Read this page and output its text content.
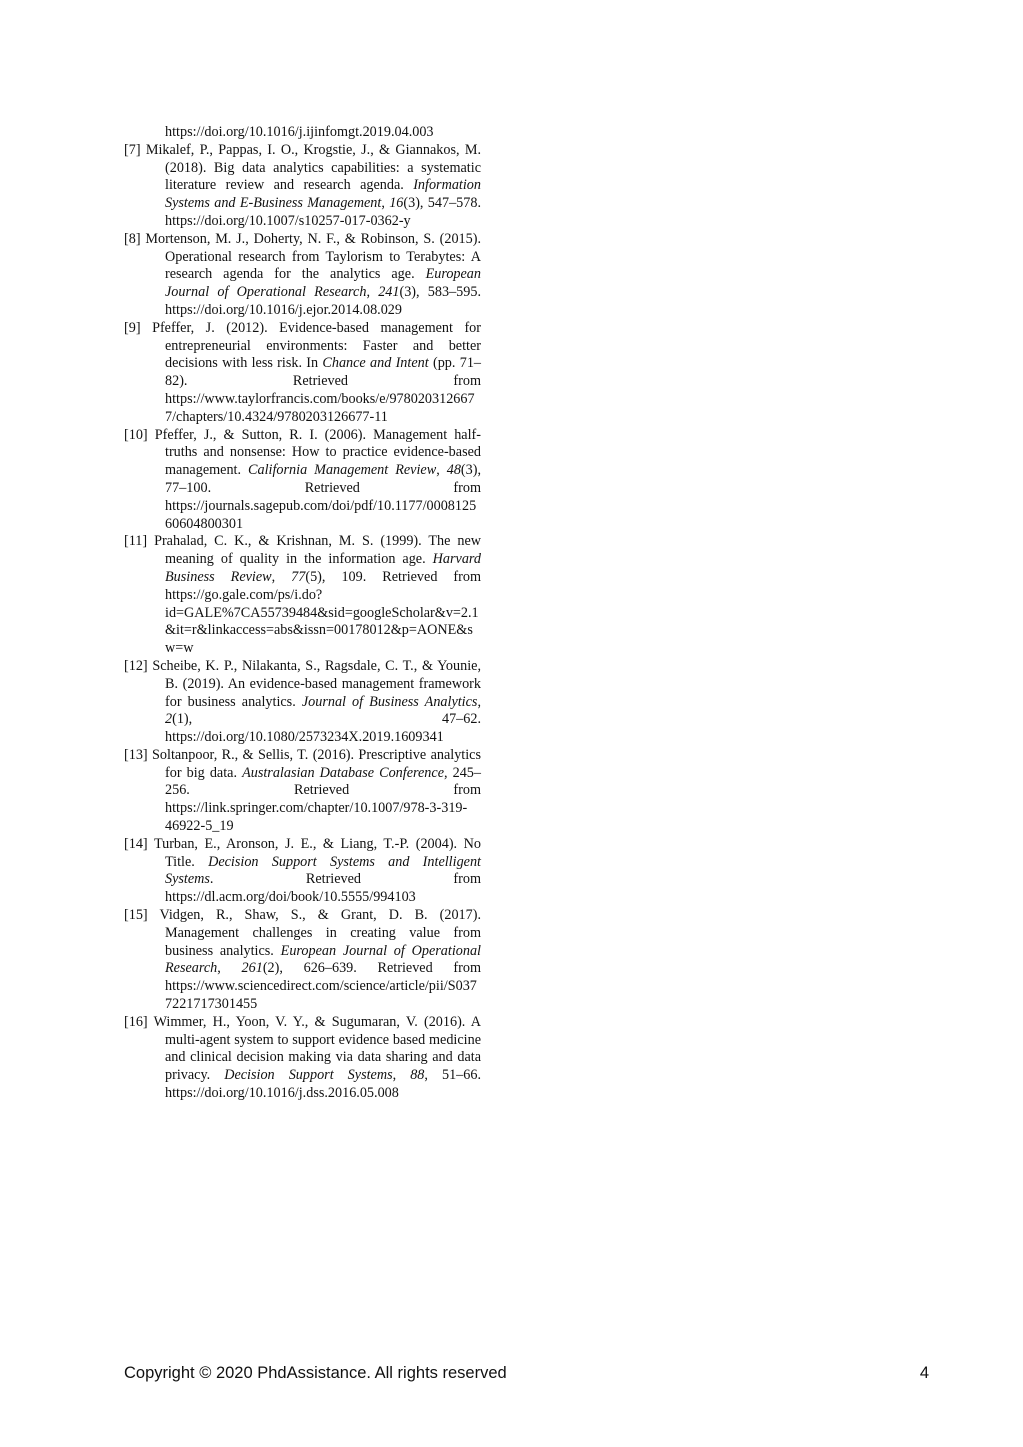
https://doi.org/10.1016/j.ijinfomgt.2019.04.003

[7] Mikalef, P., Pappas, I. O., Krogstie, J., & Giannakos, M. (2018). Big data analytics capabilities: a systematic literature review and research agenda. Information Systems and E-Business Management, 16(3), 547–578. https://doi.org/10.1007/s10257-017-0362-y

[8] Mortenson, M. J., Doherty, N. F., & Robinson, S. (2015). Operational research from Taylorism to Terabytes: A research agenda for the analytics age. European Journal of Operational Research, 241(3), 583–595. https://doi.org/10.1016/j.ejor.2014.08.029

[9] Pfeffer, J. (2012). Evidence-based management for entrepreneurial environments: Faster and better decisions with less risk. In Chance and Intent (pp. 71–82). Retrieved from https://www.taylorfrancis.com/books/e/9780203126677/chapters/10.4324/9780203126677-11

[10] Pfeffer, J., & Sutton, R. I. (2006). Management half-truths and nonsense: How to practice evidence-based management. California Management Review, 48(3), 77–100. Retrieved from https://journals.sagepub.com/doi/pdf/10.1177/000812560604800301

[11] Prahalad, C. K., & Krishnan, M. S. (1999). The new meaning of quality in the information age. Harvard Business Review, 77(5), 109. Retrieved from https://go.gale.com/ps/i.do?id=GALE%7CA55739484&sid=googleScholar&v=2.1&it=r&linkaccess=abs&issn=00178012&p=AONE&sw=w

[12] Scheibe, K. P., Nilakanta, S., Ragsdale, C. T., & Younie, B. (2019). An evidence-based management framework for business analytics. Journal of Business Analytics, 2(1), 47–62. https://doi.org/10.1080/2573234X.2019.1609341

[13] Soltanpoor, R., & Sellis, T. (2016). Prescriptive analytics for big data. Australasian Database Conference, 245–256. Retrieved from https://link.springer.com/chapter/10.1007/978-3-319-46922-5_19

[14] Turban, E., Aronson, J. E., & Liang, T.-P. (2004). No Title. Decision Support Systems and Intelligent Systems. Retrieved from https://dl.acm.org/doi/book/10.5555/994103

[15] Vidgen, R., Shaw, S., & Grant, D. B. (2017). Management challenges in creating value from business analytics. European Journal of Operational Research, 261(2), 626–639. Retrieved from https://www.sciencedirect.com/science/article/pii/S0377221717301455

[16] Wimmer, H., Yoon, V. Y., & Sugumaran, V. (2016). A multi-agent system to support evidence based medicine and clinical decision making via data sharing and data privacy. Decision Support Systems, 88, 51–66. https://doi.org/10.1016/j.dss.2016.05.008

Copyright © 2020 PhdAssistance. All rights reserved	4
